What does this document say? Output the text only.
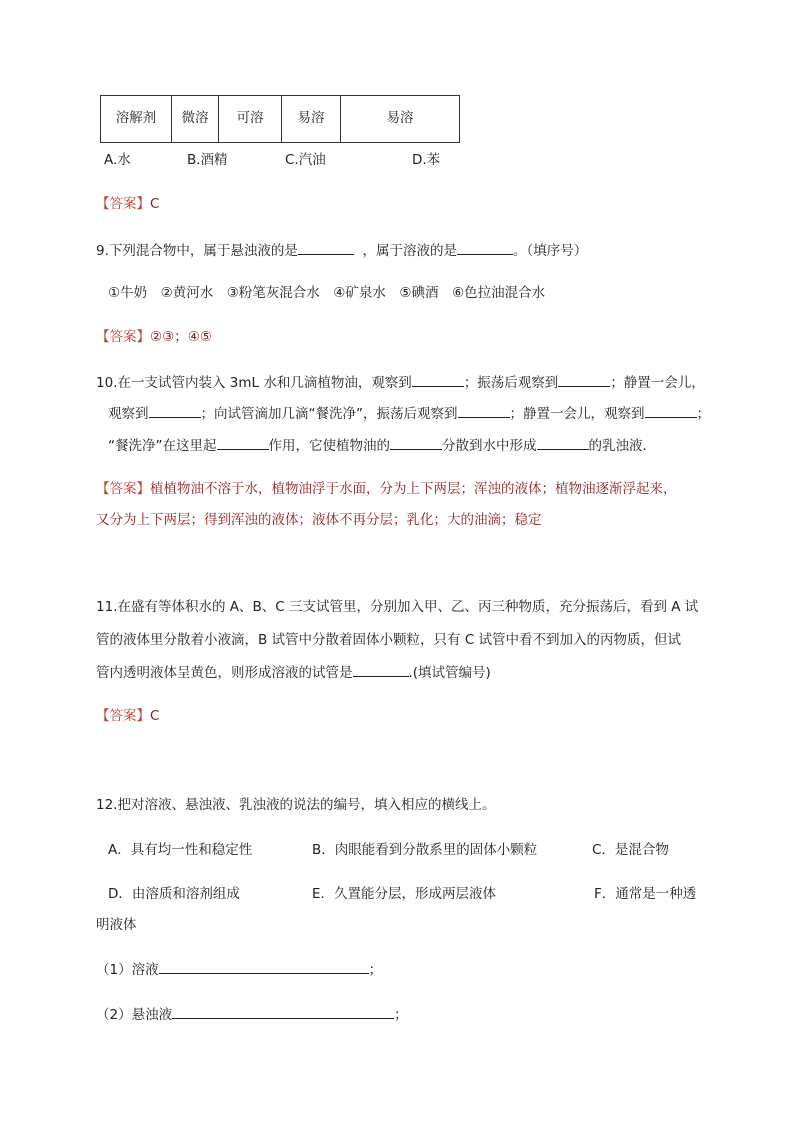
溶解剂	微溶	可溶	易溶	易溶
A.水	B.酒精	C.汽油	D.苯
【答案】C
9.下列混合物中，属于悬浊液的是	，属于溶液的是	。（填序号）
①牛奶　②黄河水　③粉笔灰混合水　④矿泉水　⑤碘酒　⑥色拉油混合水
【答案】②③；④⑤
10.在一支试管内装入 3mL 水和几滴植物油，观察到	；振荡后观察到	；静置一会儿，
观察到	；向试管滴加几滴“餐洗净”，振荡后观察到	；静置一会儿，观察到	；
“餐洗净”在这里起	作用，它使植物油的	分散到水中形成	的乳浊液．
【答案】植植物油不溶于水，植物油浮于水面，分为上下两层；浑浊的液体；植物油逐渐浮起来，
又分为上下两层；得到浑浊的液体；液体不再分层；乳化；大的油滴；稳定
11.在盛有等体积水的 A、B、C 三支试管里，分别加入甲、乙、丙三种物质，充分振荡后，看到 A 试
管的液体里分散着小液滴，B 试管中分散着固体小颗粒，只有 C 试管中看不到加入的丙物质，但试
管内透明液体呈黄色，则形成溶液的试管是	.(填试管编号)
【答案】C
12.把对溶液、悬浊液、乳浊液的说法的编号，填入相应的横线上。
A．具有均一性和稳定性	B．肉眼能看到分散系里的固体小颗粒	C．是混合物
D．由溶质和溶剂组成	E．久置能分层，形成两层液体	F．通常是一种透
明液体
（1）溶液	；
（2）悬浊液	；
